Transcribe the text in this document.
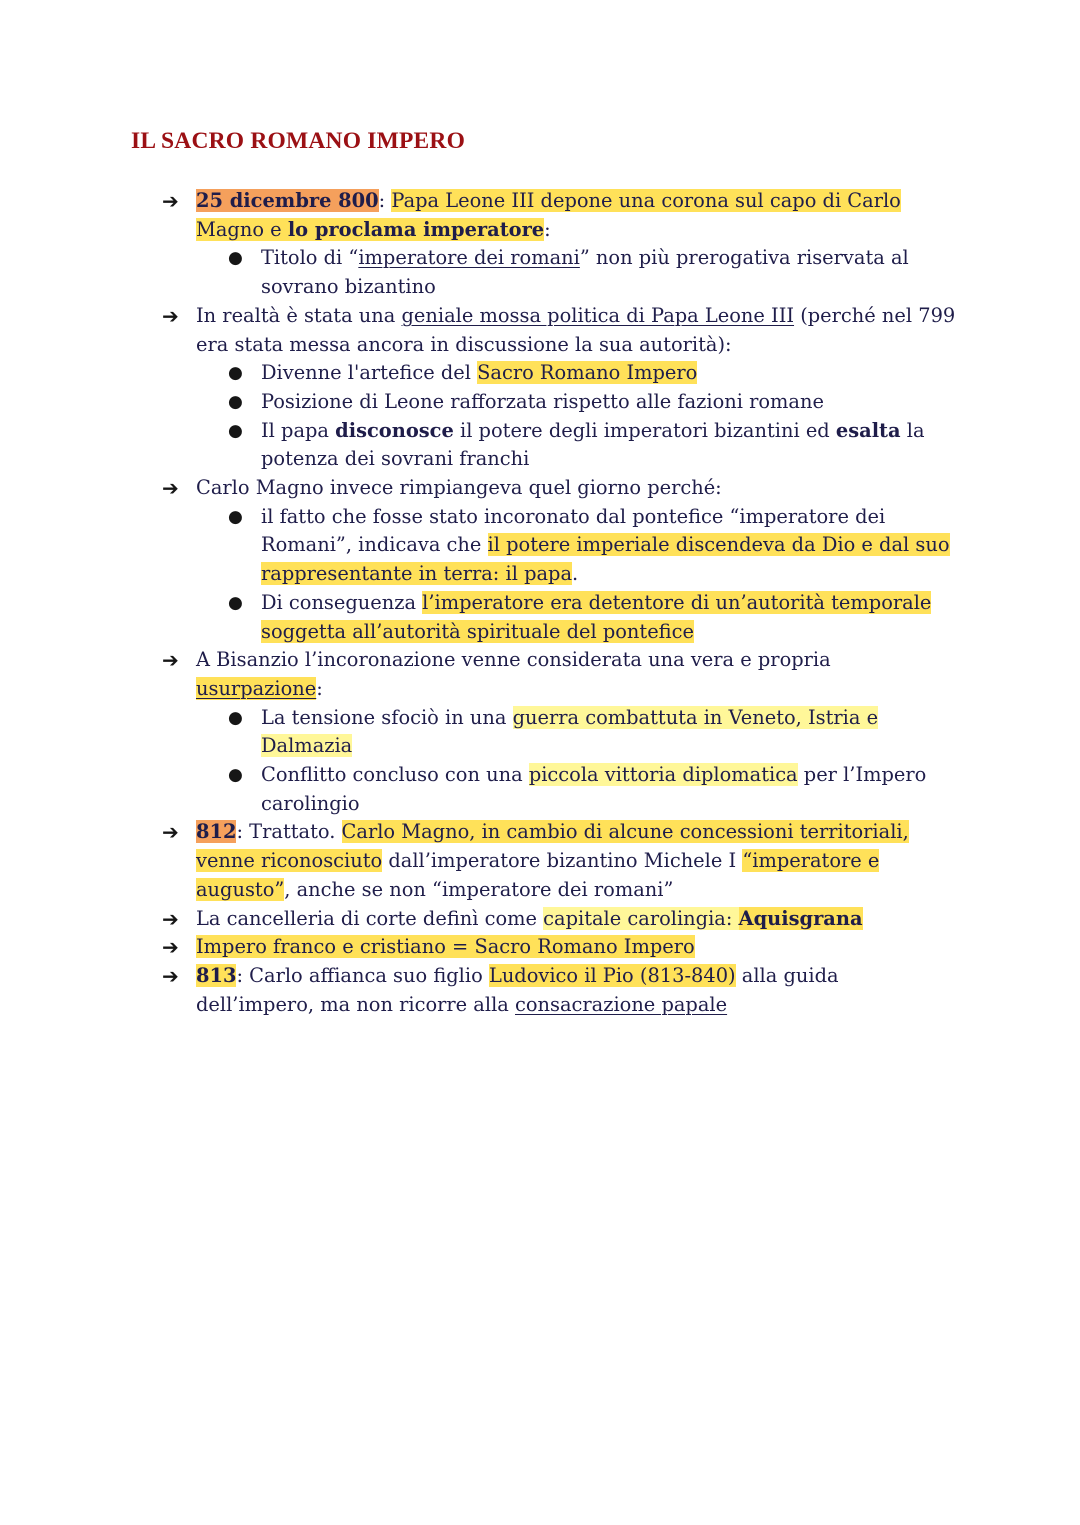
IL SACRO ROMANO IMPERO
➔ 25 dicembre 800: Papa Leone III depone una corona sul capo di Carlo Magno e lo proclama imperatore:
● Titolo di “imperatore dei romani” non più prerogativa riservata al sovrano bizantino
➔ In realtà è stata una geniale mossa politica di Papa Leone III (perché nel 799 era stata messa ancora in discussione la sua autorità):
● Divenne l'artefice del Sacro Romano Impero
● Posizione di Leone rafforzata rispetto alle fazioni romane
● Il papa disconosce il potere degli imperatori bizantini ed esalta la potenza dei sovrani franchi
➔ Carlo Magno invece rimpiangeva quel giorno perché:
● il fatto che fosse stato incoronato dal pontefice “imperatore dei Romani”, indicava che il potere imperiale discendeva da Dio e dal suo rappresentante in terra: il papa.
● Di conseguenza l’imperatore era detentore di un’autorità temporale soggetta all’autorità spirituale del pontefice
➔ A Bisanzio l’incoronazione venne considerata una vera e propria usurpazione:
● La tensione sfociò in una guerra combattuta in Veneto, Istria e Dalmazia
● Conflitto concluso con una piccola vittoria diplomatica per l’Impero carolingio
➔ 812: Trattato. Carlo Magno, in cambio di alcune concessioni territoriali, venne riconosciuto dall’imperatore bizantino Michele I “imperatore e augusto”, anche se non “imperatore dei romani”
➔ La cancelleria di corte definì come capitale carolingia: Aquisgrana
➔ Impero franco e cristiano = Sacro Romano Impero
➔ 813: Carlo affianca suo figlio Ludovico il Pio (813-840) alla guida dell’impero, ma non ricorre alla consacrazione papale
